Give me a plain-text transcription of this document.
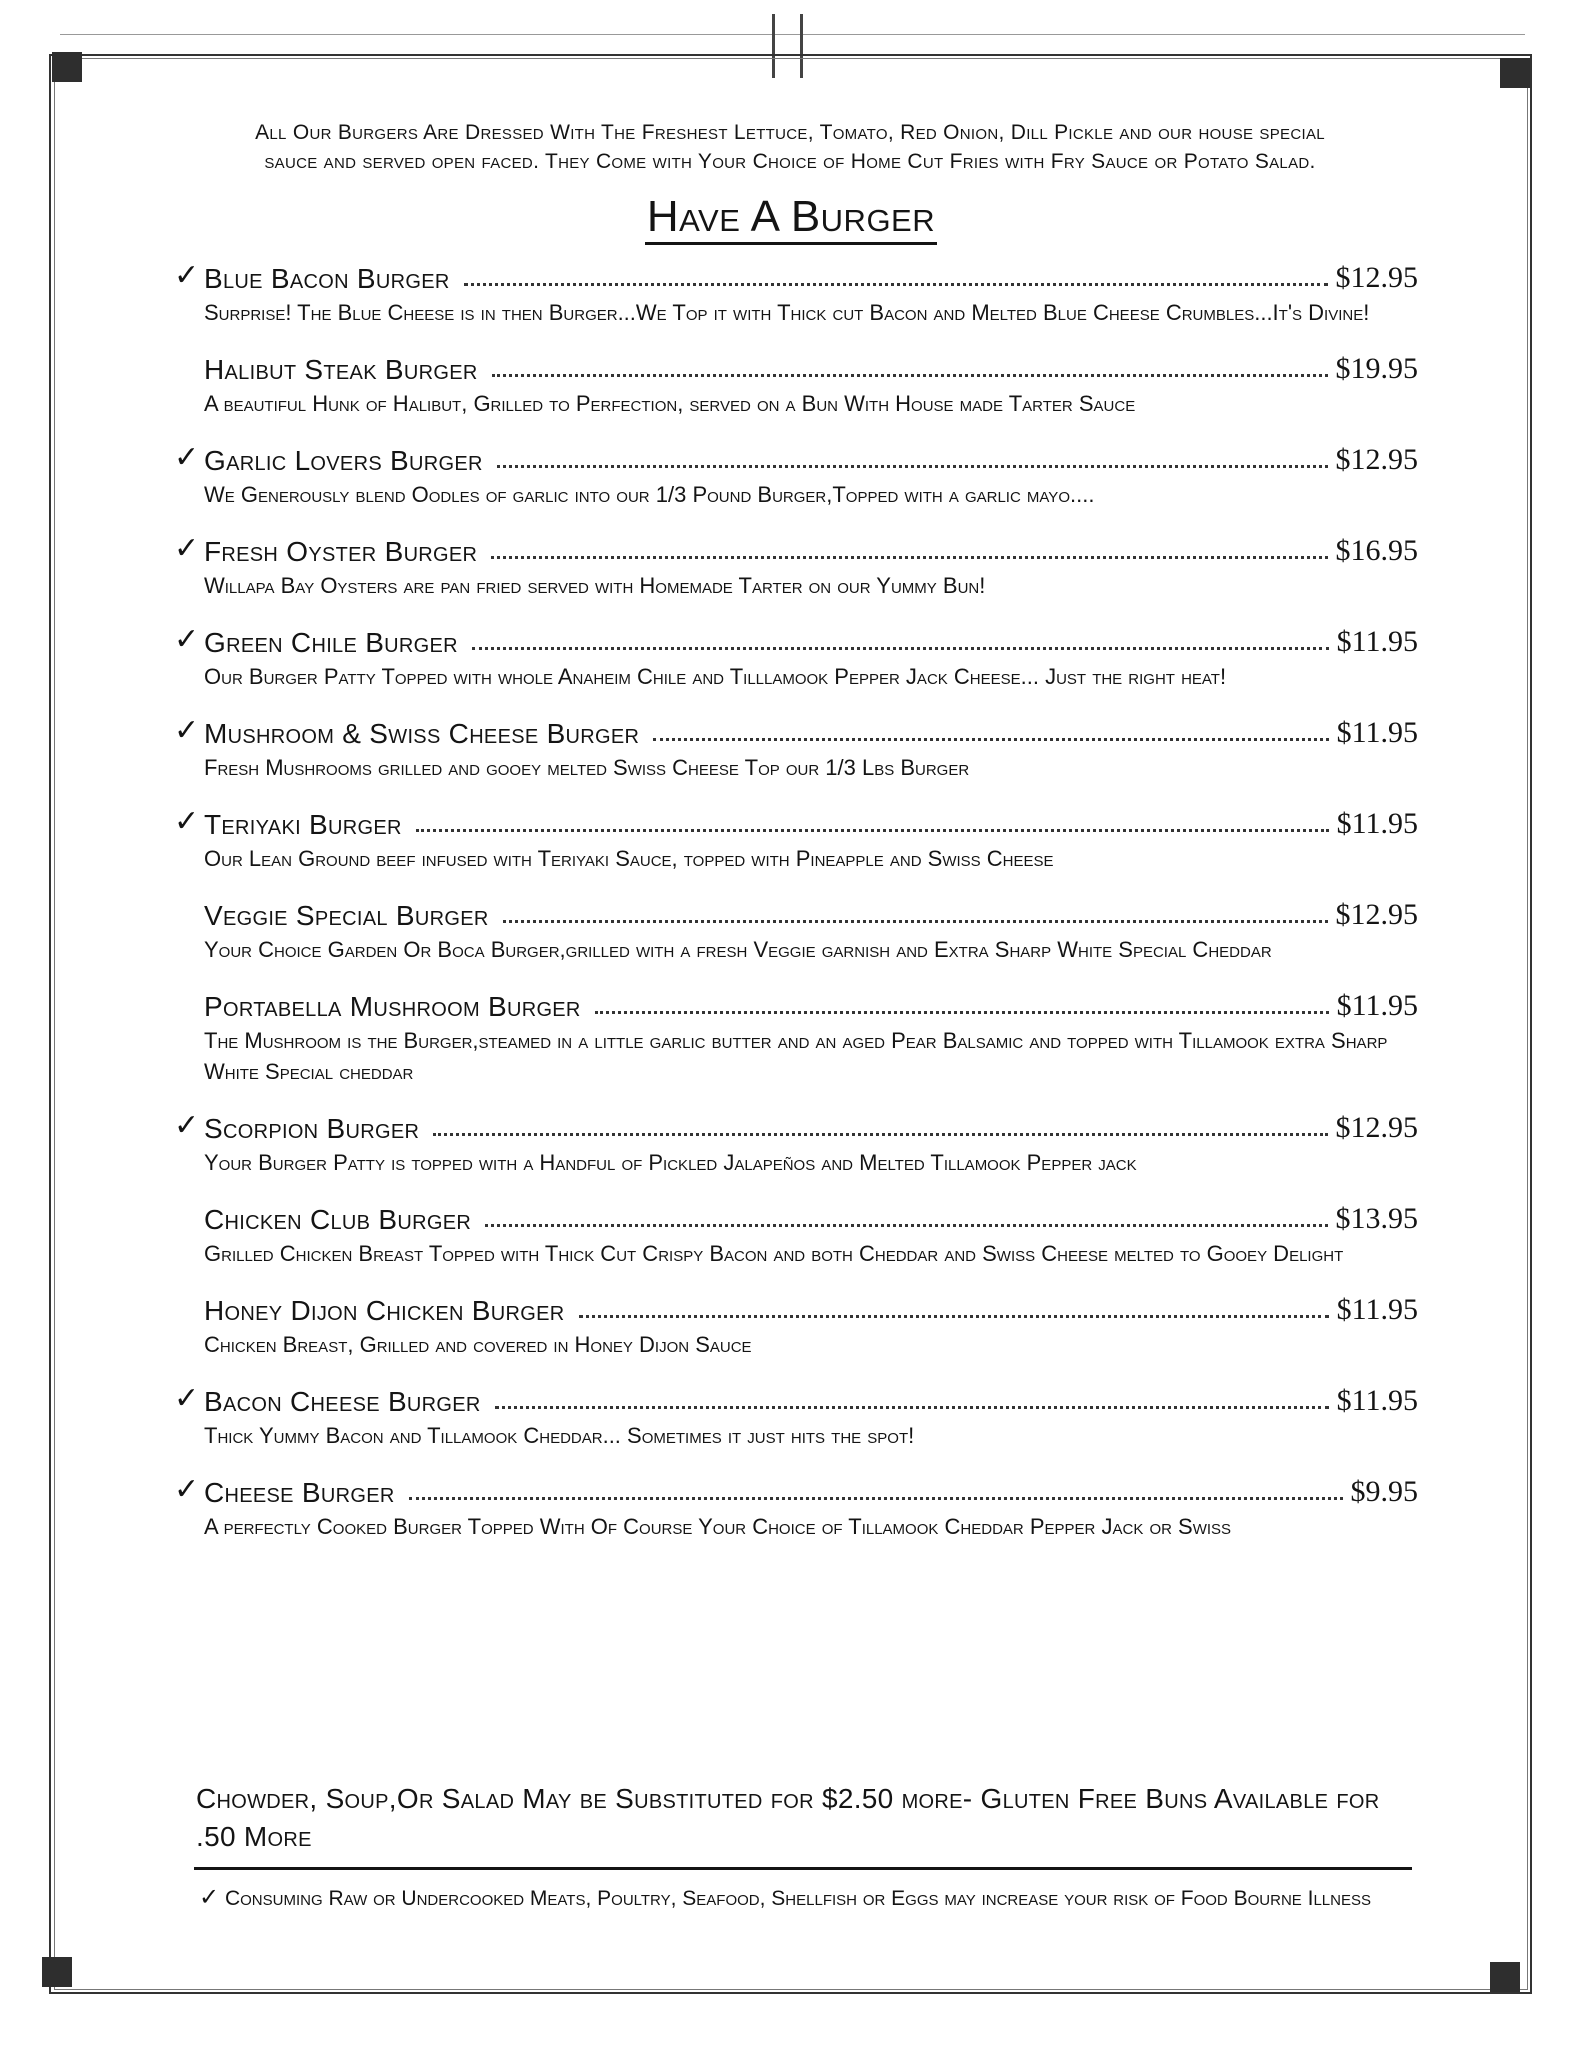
All Our Burgers Are Dressed With The Freshest Lettuce, Tomato, Red Onion, Dill Pickle and our house special
sauce and served open faced. They Come with Your Choice of Home Cut Fries with Fry Sauce or Potato Salad.
Have A Burger
✓ Blue Bacon Burger	$12.95
Surprise! The Blue Cheese is in then Burger...We Top it with Thick cut Bacon and Melted Blue Cheese Crumbles...It's Divine!
Halibut Steak Burger	$19.95
A beautiful Hunk of Halibut, Grilled to Perfection, served on a Bun With House made Tarter Sauce
✓ Garlic Lovers Burger	$12.95
We Generously blend Oodles of garlic into our 1/3 Pound Burger,Topped with a garlic mayo....
✓ Fresh Oyster Burger	$16.95
Willapa Bay Oysters are pan fried served with Homemade Tarter on our Yummy Bun!
✓ Green Chile Burger	$11.95
Our Burger Patty Topped with whole Anaheim Chile and Tilllamook Pepper Jack Cheese... Just the right heat!
✓ Mushroom & Swiss Cheese Burger	$11.95
Fresh Mushrooms grilled and gooey melted Swiss Cheese Top our 1/3 Lbs Burger
✓ Teriyaki Burger	$11.95
Our Lean Ground beef infused with Teriyaki Sauce, topped with Pineapple and Swiss Cheese
Veggie Special Burger	$12.95
Your Choice Garden Or Boca Burger,grilled with a fresh Veggie garnish and Extra Sharp White Special Cheddar
Portabella Mushroom Burger	$11.95
The Mushroom is the Burger,steamed in a little garlic butter and an aged Pear Balsamic and topped with Tillamook extra Sharp White Special cheddar
✓ Scorpion Burger	$12.95
Your Burger Patty is topped with a Handful of Pickled Jalapeños and Melted Tillamook Pepper jack
Chicken Club Burger	$13.95
Grilled Chicken Breast Topped with Thick Cut Crispy Bacon and both Cheddar and Swiss Cheese melted to Gooey Delight
Honey Dijon Chicken Burger	$11.95
Chicken Breast, Grilled and covered in Honey Dijon Sauce
✓ Bacon Cheese Burger	$11.95
Thick Yummy Bacon and Tillamook Cheddar... Sometimes it just hits the spot!
✓ Cheese Burger	$9.95
A perfectly Cooked Burger Topped With Of Course Your Choice of Tillamook Cheddar Pepper Jack or Swiss
Chowder, Soup,Or Salad May be Substituted for $2.50 more- Gluten Free Buns Available for .50 More
✓ Consuming Raw or Undercooked Meats, Poultry, Seafood, Shellfish or Eggs may increase your risk of Food Bourne Illness
